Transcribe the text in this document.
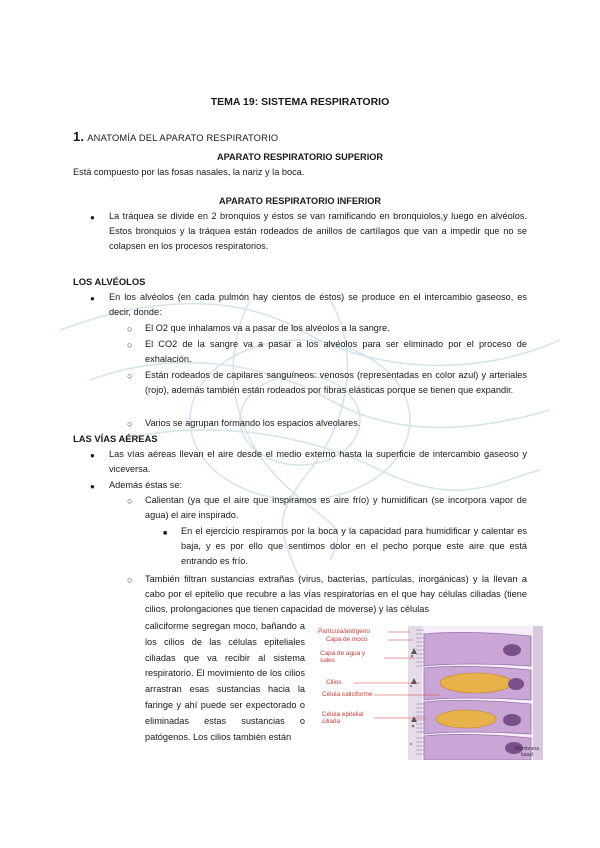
TEMA 19: SISTEMA RESPIRATORIO
1. ANATOMÍA DEL APARATO RESPIRATORIO
APARATO RESPIRATORIO SUPERIOR
Está compuesto por las fosas nasales, la nariz y la boca.
APARATO RESPIRATORIO INFERIOR
● La tráquea se divide en 2 bronquios y éstos se van ramificando en bronquiolos,y luego en alvéolos. Estos bronquios y la tráquea están rodeados de anillos de cartílagos que van a impedir que no se colapsen en los procesos respiratorios.
LOS ALVÉOLOS
● En los alvéolos (en cada pulmón hay cientos de éstos) se produce en el intercambio gaseoso, es decir, donde:
○ El O2 que inhalamos va a pasar de los alvéolos a la sangre.
○ El CO2 de la sangre va a pasar a los alvéolos para ser eliminado por el proceso de exhalación.
○ Están rodeados de capilares sanguíneos: venosos (representadas en color azul) y arteriales (rojo), además también están rodeados por fibras elásticas porque se tienen que expandir.
○ Varios se agrupan formando los espacios alveolares.
LAS VÍAS AÉREAS
● Las vías aéreas llevan el aire desde el medio externo hasta la superficie de intercambio gaseoso y viceversa.
● Además éstas se:
○ Calientan (ya que el aire que inspiramos es aire frío) y humidifican (se incorpora vapor de agua) el aire inspirado.
■ En el ejercicio respiramos por la boca y la capacidad para humidificar y calentar es baja, y es por ello que sentimos dolor en el pecho porque este aire que está entrando es frío.
○ También filtran sustancias extrañas (virus, bacterias, partículas, inorgánicas) y la llevan a cabo por el epitelio que recubre a las vías respiratorias en el que hay células ciliadas (tiene cilios, prolongaciones que tienen capacidad de moverse) y las células
caliciforme segregan moco, bañando a los cilios de las células epiteliales ciliadas que va recibir al sistema respiratorio. El movimiento de los cilios arrastran esas sustancias hacia la faringe y ahí puede ser expectorado o eliminadas estas sustancias o patógenos. Los cilios también están
Partícula/antígeno
Capa de moco
Capa de agua y sales
Cilios
Célula caliciforme
Célula epitelial ciliada
Membrana basal
